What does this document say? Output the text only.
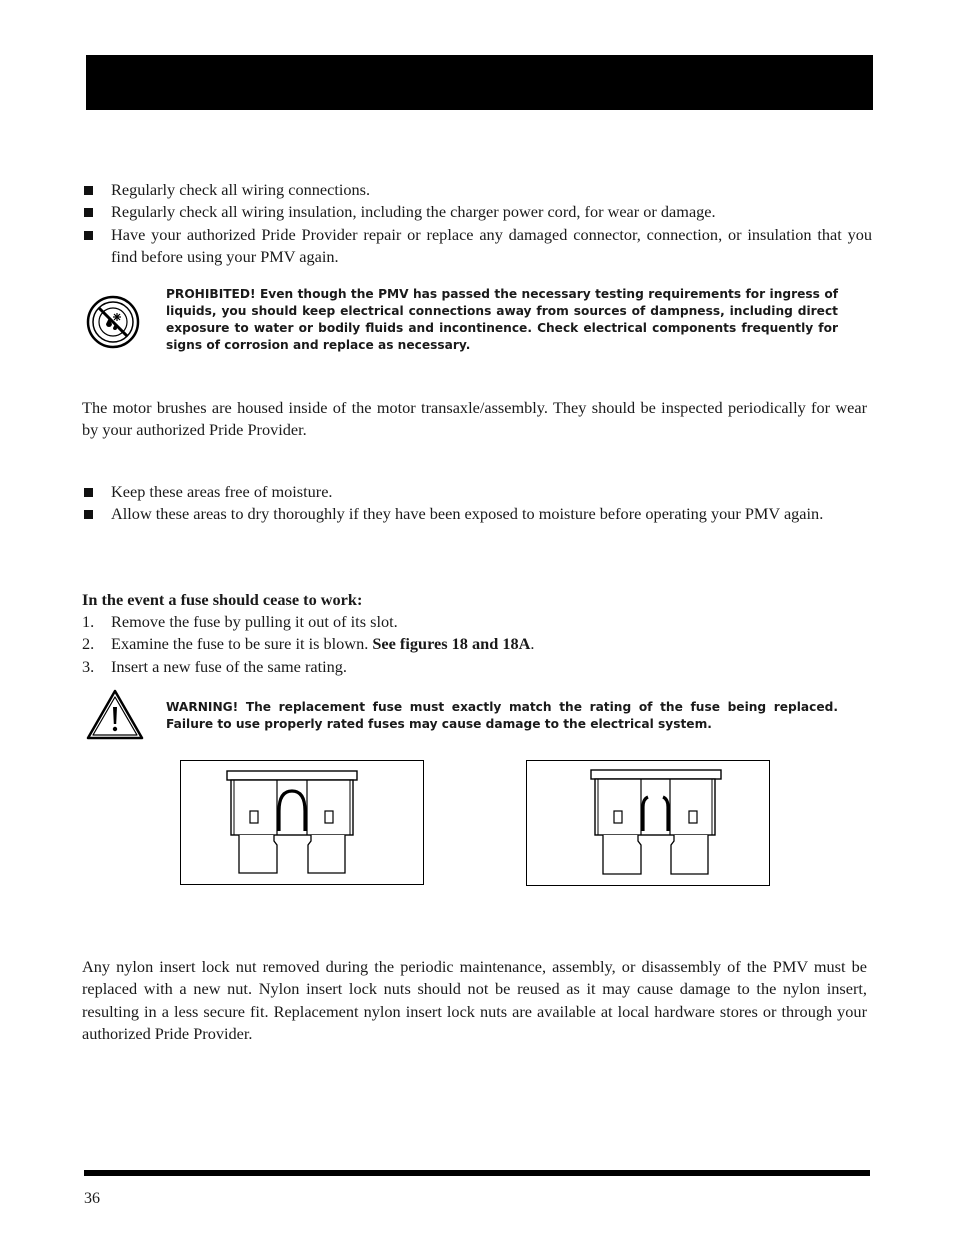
Regularly check all wiring connections.
Regularly check all wiring insulation, including the charger power cord, for wear or damage.
Have your authorized Pride Provider repair or replace any damaged connector, connection, or insulation that you find before using your PMV again.
PROHIBITED! Even though the PMV has passed the necessary testing requirements for ingress of liquids, you should keep electrical connections away from sources of dampness, including direct exposure to water or bodily fluids and incontinence. Check electrical components frequently for signs of corrosion and replace as necessary.
The motor brushes are housed inside of the motor transaxle/assembly. They should be inspected periodically for wear by your authorized Pride Provider.
Keep these areas free of moisture.
Allow these areas to dry thoroughly if they have been exposed to moisture before operating your PMV again.
In the event a fuse should cease to work:
1. Remove the fuse by pulling it out of its slot.
2. Examine the fuse to be sure it is blown. See figures 18 and 18A.
3. Insert a new fuse of the same rating.
WARNING! The replacement fuse must exactly match the rating of the fuse being replaced. Failure to use properly rated fuses may cause damage to the electrical system.
Any nylon insert lock nut removed during the periodic maintenance, assembly, or disassembly of the PMV must be replaced with a new nut. Nylon insert lock nuts should not be reused as it may cause damage to the nylon insert, resulting in a less secure fit. Replacement nylon insert lock nuts are available at local hardware stores or through your authorized Pride Provider.
36
